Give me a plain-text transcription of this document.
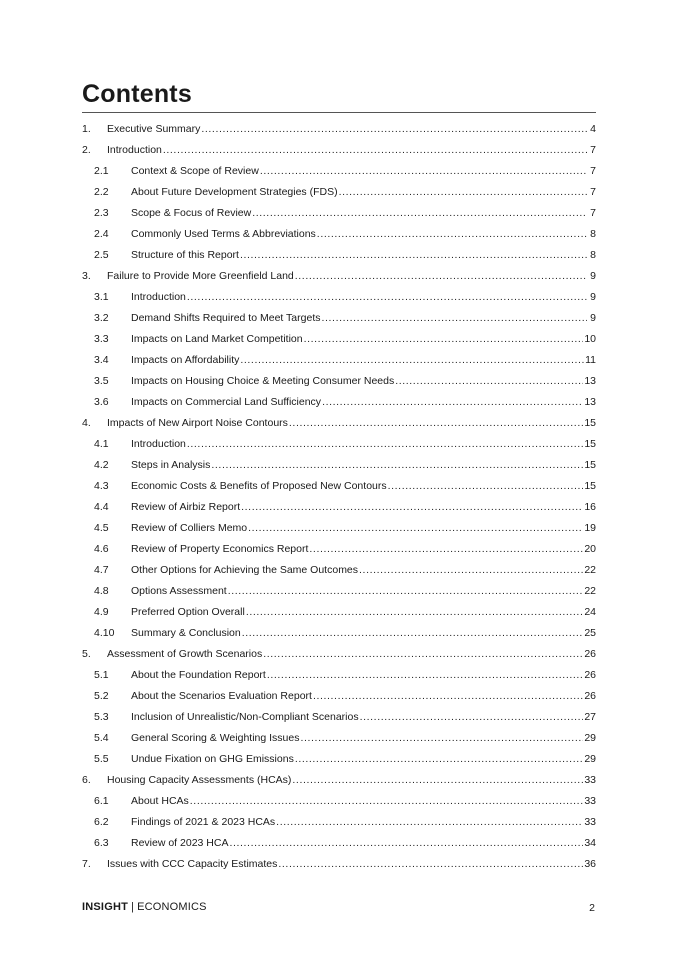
Contents
1.	Executive Summary .....	4
2.	Introduction .....	7
2.1	Context & Scope of Review .....	7
2.2	About Future Development Strategies (FDS) .....	7
2.3	Scope & Focus of Review .....	7
2.4	Commonly Used Terms & Abbreviations .....	8
2.5	Structure of this Report .....	8
3.	Failure to Provide More Greenfield Land .....	9
3.1	Introduction .....	9
3.2	Demand Shifts Required to Meet Targets .....	9
3.3	Impacts on Land Market Competition .....	10
3.4	Impacts on Affordability .....	11
3.5	Impacts on Housing Choice & Meeting Consumer Needs .....	13
3.6	Impacts on Commercial Land Sufficiency .....	13
4.	Impacts of New Airport Noise Contours .....	15
4.1	Introduction .....	15
4.2	Steps in Analysis .....	15
4.3	Economic Costs & Benefits of Proposed New Contours .....	15
4.4	Review of Airbiz Report .....	16
4.5	Review of Colliers Memo .....	19
4.6	Review of Property Economics Report .....	20
4.7	Other Options for Achieving the Same Outcomes .....	22
4.8	Options Assessment .....	22
4.9	Preferred Option Overall .....	24
4.10	Summary & Conclusion .....	25
5.	Assessment of Growth Scenarios .....	26
5.1	About the Foundation Report .....	26
5.2	About the Scenarios Evaluation Report .....	26
5.3	Inclusion of Unrealistic/Non-Compliant Scenarios .....	27
5.4	General Scoring & Weighting Issues .....	29
5.5	Undue Fixation on GHG Emissions .....	29
6.	Housing Capacity Assessments (HCAs) .....	33
6.1	About HCAs .....	33
6.2	Findings of 2021 & 2023 HCAs .....	33
6.3	Review of 2023 HCA .....	34
7.	Issues with CCC Capacity Estimates .....	36
INSIGHT | ECONOMICS	2
